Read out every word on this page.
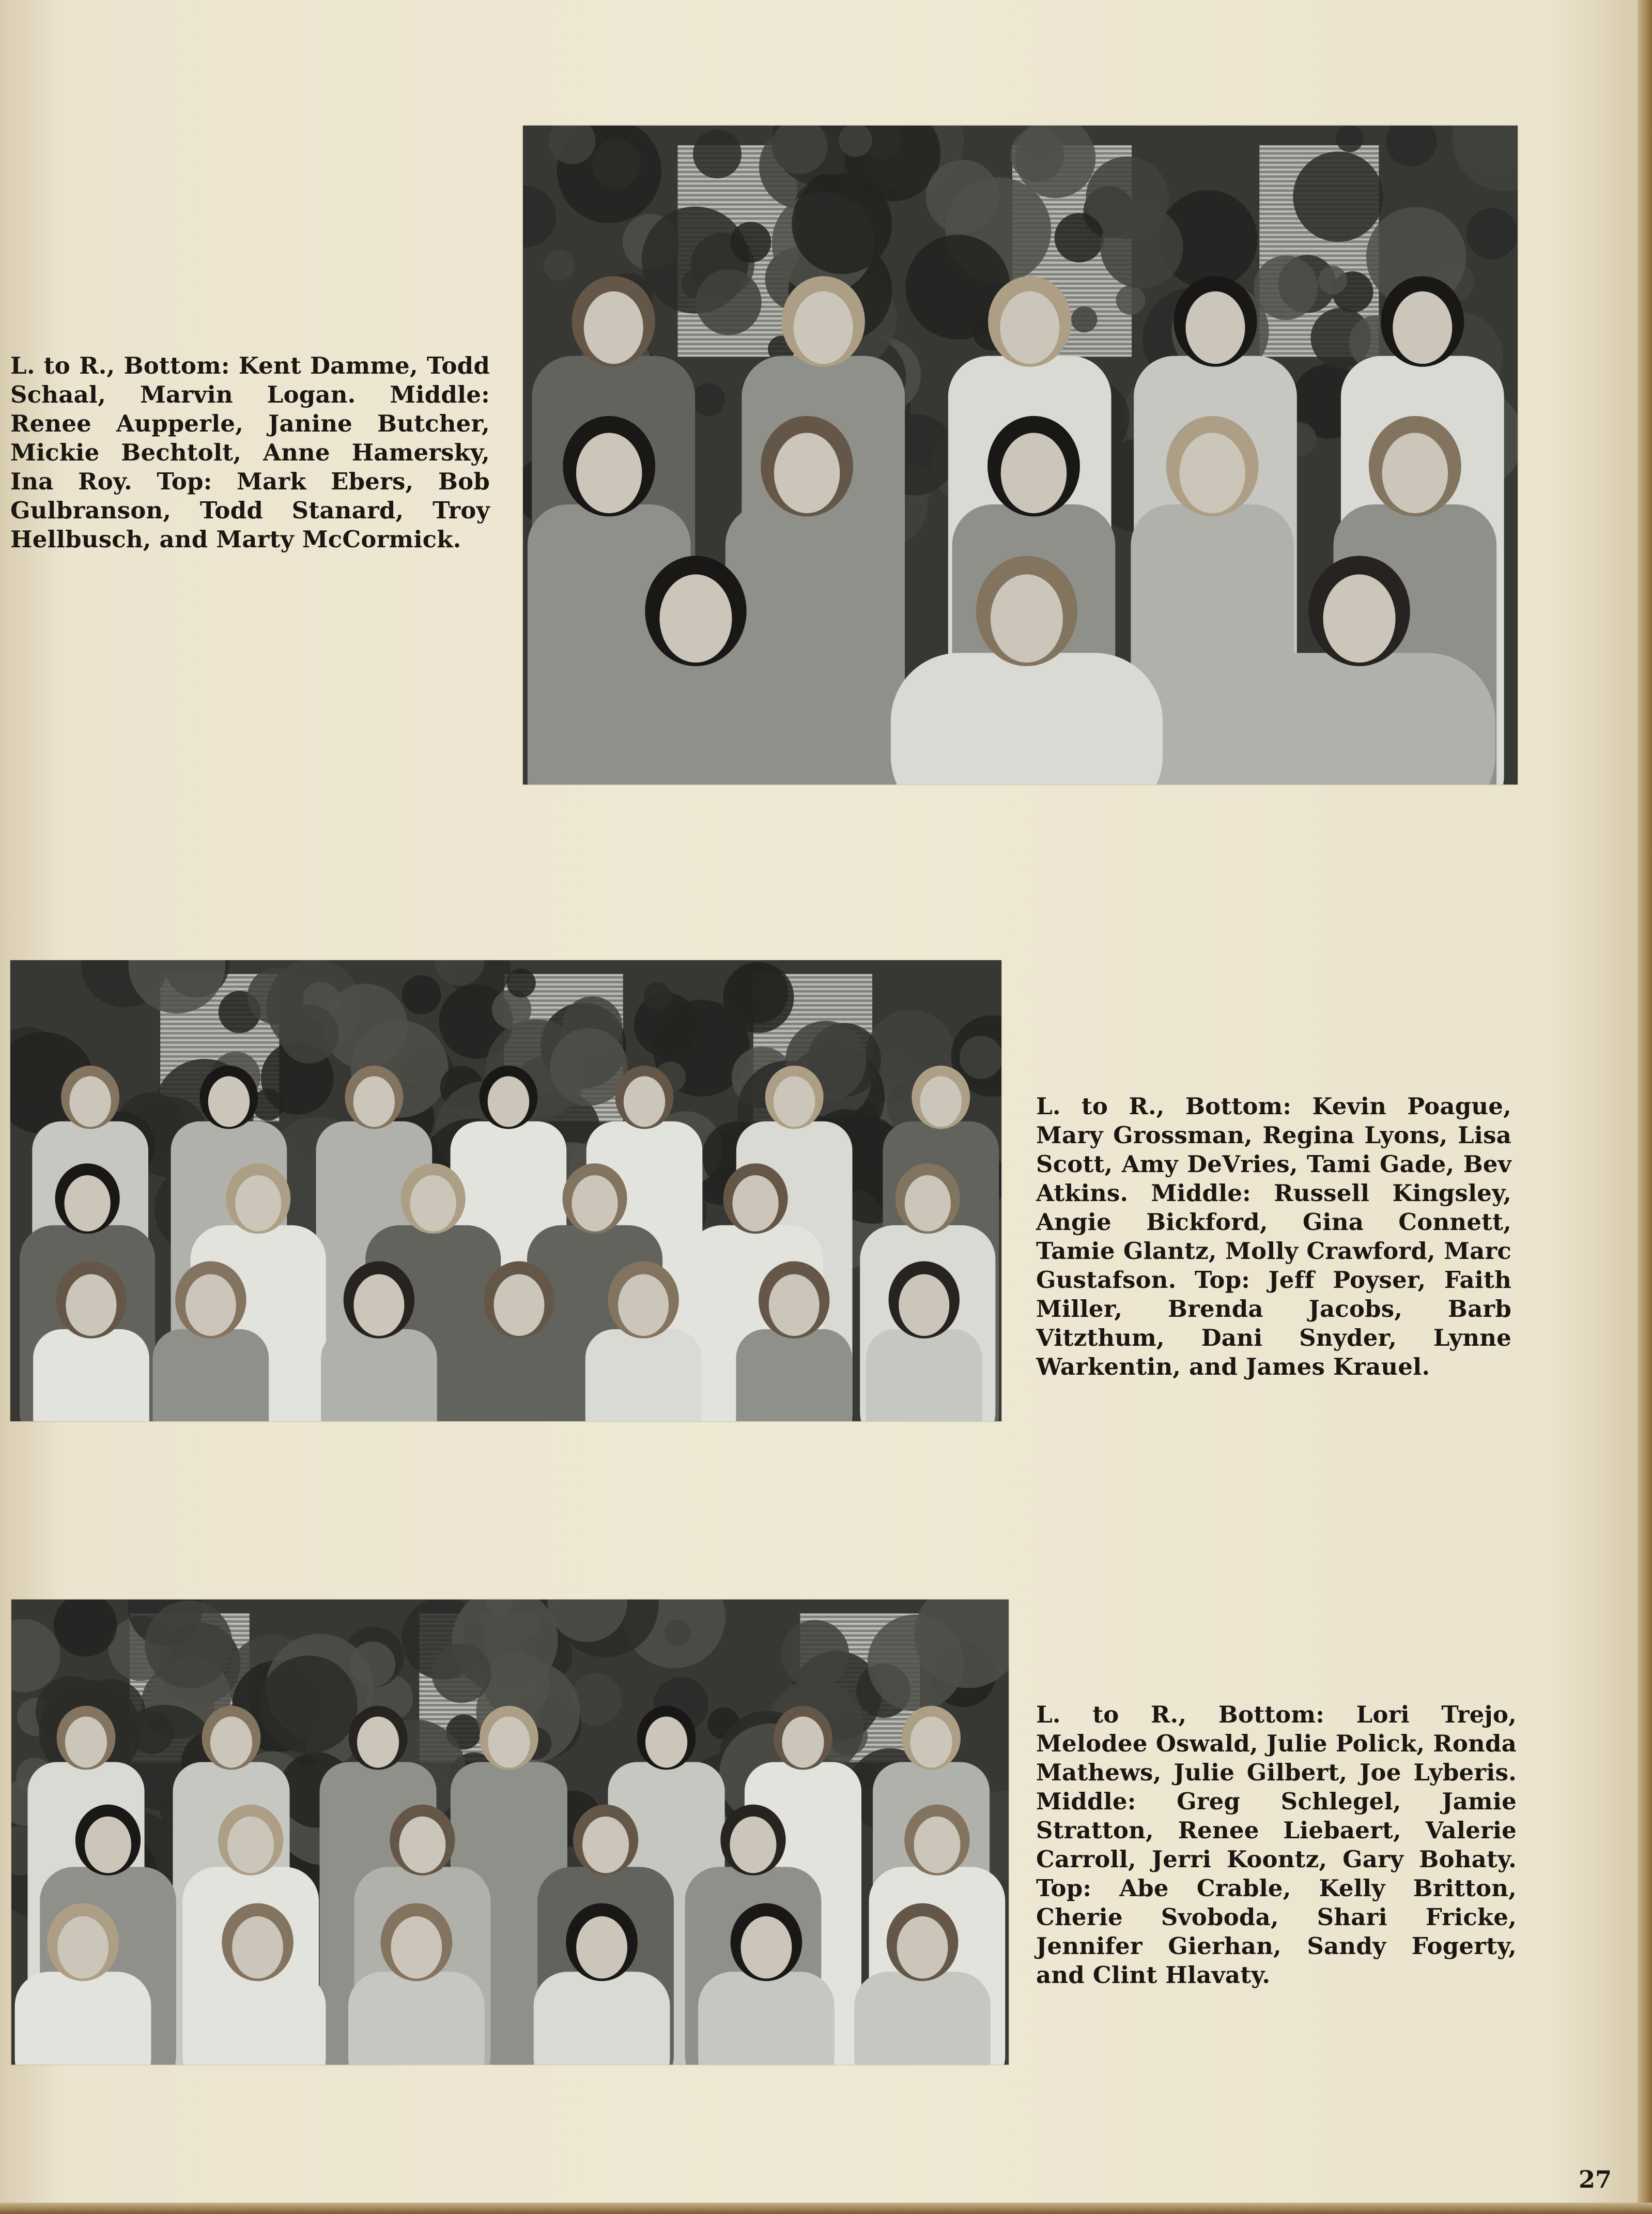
L. to R., Bottom: Kent Damme, Todd Schaal, Marvin Logan. Middle: Renee Aupperle, Janine Butcher, Mickie Bechtolt, Anne Hamersky, Ina Roy. Top: Mark Ebers, Bob Gulbranson, Todd Stanard, Troy Hellbusch, and Marty McCormick.
L. to R., Bottom: Kevin Poague, Mary Grossman, Regina Lyons, Lisa Scott, Amy DeVries, Tami Gade, Bev Atkins. Middle: Russell Kingsley, Angie Bickford, Gina Connett, Tamie Glantz, Molly Crawford, Marc Gustafson. Top: Jeff Poyser, Faith Miller, Brenda Jacobs, Barb Vitzthum, Dani Snyder, Lynne Warkentin, and James Krauel.
L. to R., Bottom: Lori Trejo, Melodee Oswald, Julie Polick, Ronda Mathews, Julie Gilbert, Joe Lyberis. Middle: Greg Schlegel, Jamie Stratton, Renee Liebaert, Valerie Carroll, Jerri Koontz, Gary Bohaty. Top: Abe Crable, Kelly Britton, Cherie Svoboda, Shari Fricke, Jennifer Gierhan, Sandy Fogerty, and Clint Hlavaty.
27
